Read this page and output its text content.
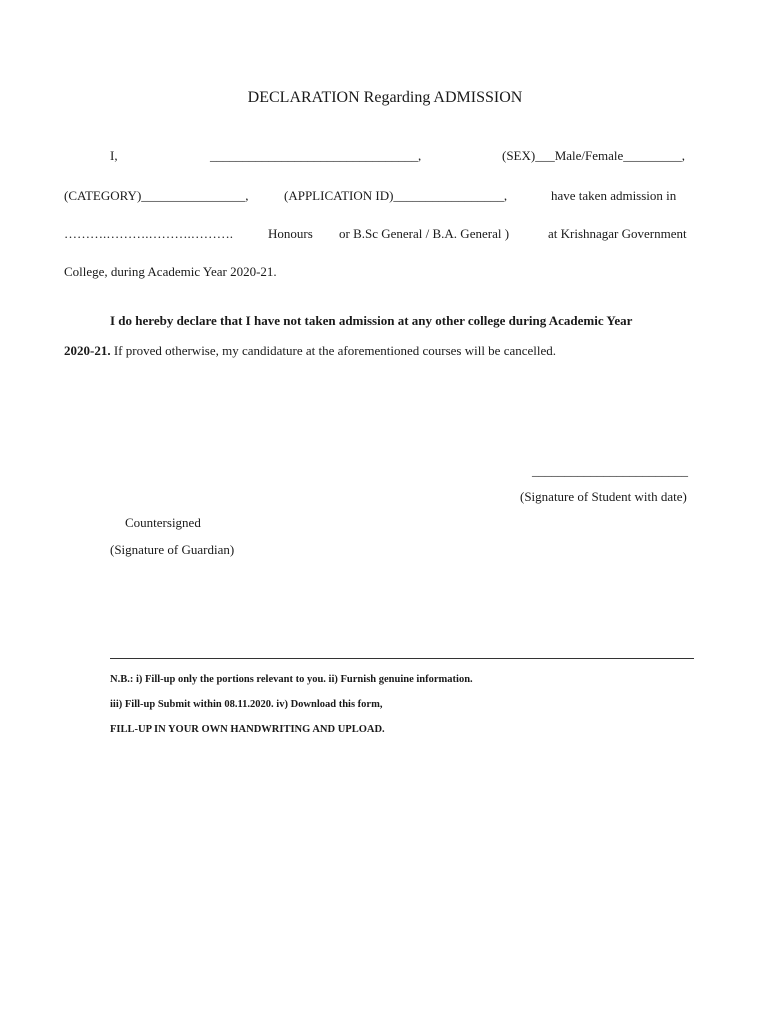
DECLARATION Regarding ADMISSION
I,	________________________________,	(SEX)___Male/Female_________,
(CATEGORY)________________,	(APPLICATION ID)_________________,	have taken admission in
……….……….……….……….	Honours or B.Sc General / B.A. General )	at Krishnagar Government
College, during Academic Year 2020-21.
I do hereby declare that I have not taken admission at any other college during Academic Year
2020-21. If proved otherwise, my candidature at the aforementioned courses will be cancelled.
________________________
(Signature of Student with date)
Countersigned
(Signature of Guardian)
N.B.: i) Fill-up only the portions relevant to you. ii) Furnish genuine information.
iii) Fill-up Submit within 08.11.2020. iv) Download this form,
FILL-UP IN YOUR OWN HANDWRITING AND UPLOAD.
